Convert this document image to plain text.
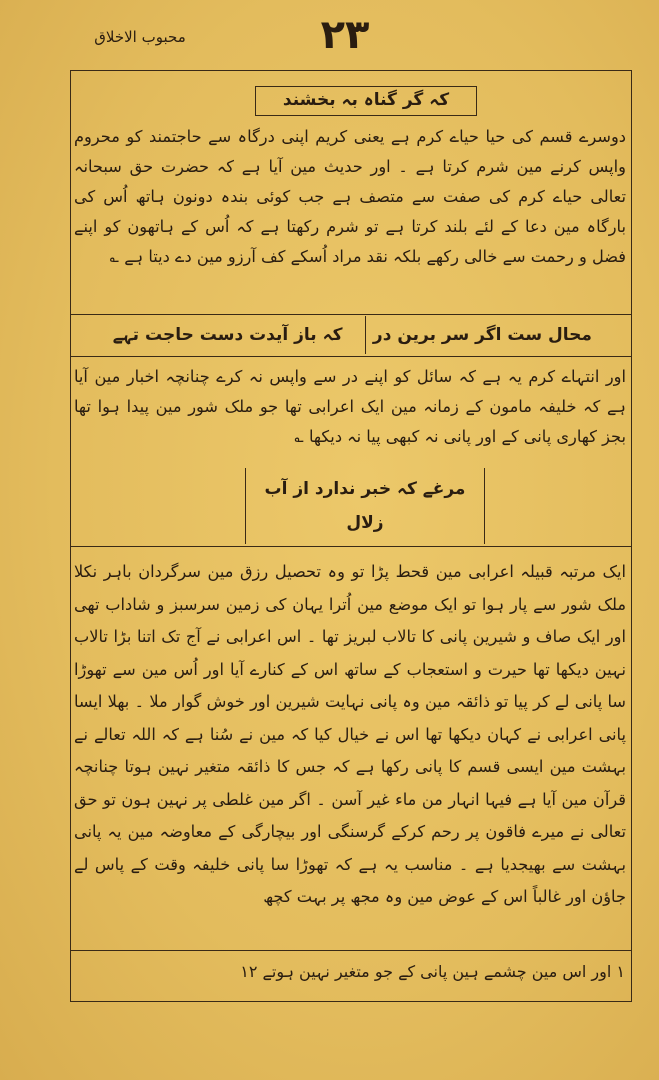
محبوب الاخلاق	۲۳
کہ گر گناہ بہ بخشند
دوسرے قسم کی حیا حیاے کرم ہے یعنی کریم اپنی درگاہ سے حاجتمند کو محروم واپس کرنے مین شرم کرتا ہے ۔ اور حدیث مین آیا ہے کہ حضرت حق سبحانہ تعالی حیاے کرم کی صفت سے متصف ہے جب کوئی بندہ دونون ہاتھ اُس کی بارگاہ مین دعا کے لئے بلند کرتا ہے تو شرم رکھتا ہے کہ اُس کے ہاتھون کو اپنے فضل و رحمت سے خالی رکھے بلکہ نقد مراد اُسکے کف آرزو مین دے دیتا ہے ؎
محال ست اگر سر برین در
کہ باز آیدت دست حاجت تہے
اور انتہاے کرم یہ ہے کہ سائل کو اپنے در سے واپس نہ کرے چنانچہ اخبار مین آیا ہے کہ خلیفہ مامون کے زمانہ مین ایک اعرابی تھا جو ملک شور مین پیدا ہوا تھا بجز کھاری پانی کے اور پانی نہ کبھی پیا نہ دیکھا ؎
مرغے کہ خبر ندارد از آب زلال
ایک مرتبہ قبیلہ اعرابی مین قحط پڑا تو وہ تحصیل رزق مین سرگردان باہر نکلا ملک شور سے پار ہوا تو ایک موضع مین اُترا یہان کی زمین سرسبز و شاداب تھی اور ایک صاف و شیرین پانی کا تالاب لبریز تھا ۔ اس اعرابی نے آج تک اتنا بڑا تالاب نہین دیکھا تھا حیرت و استعجاب کے ساتھ اس کے کنارے آیا اور اُس مین سے تھوڑا سا پانی لے کر پیا تو ذائقہ مین وہ پانی نہایت شیرین اور خوش گوار ملا ۔ بھلا ایسا پانی اعرابی نے کہان دیکھا تھا اس نے خیال کیا کہ مین نے سُنا ہے کہ اللہ تعالے نے بہشت مین ایسی قسم کا پانی رکھا ہے کہ جس کا ذائقہ متغیر نہین ہوتا چنانچہ قرآن مین آیا ہے فیہا انہار من ماء غیر آسن ۔ اگر مین غلطی پر نہین ہون تو حق تعالی نے میرے فاقون پر رحم کرکے گرسنگی اور بیچارگی کے معاوضہ مین یہ پانی بہشت سے بھیجدیا ہے ۔ مناسب یہ ہے کہ تھوڑا سا پانی خلیفہ وقت کے پاس لے جاؤن اور غالباً اس کے عوض مین وہ مجھ پر بہت کچھ
۱ اور اس مین چشمے ہین پانی کے جو متغیر نہین ہوتے ۱۲
